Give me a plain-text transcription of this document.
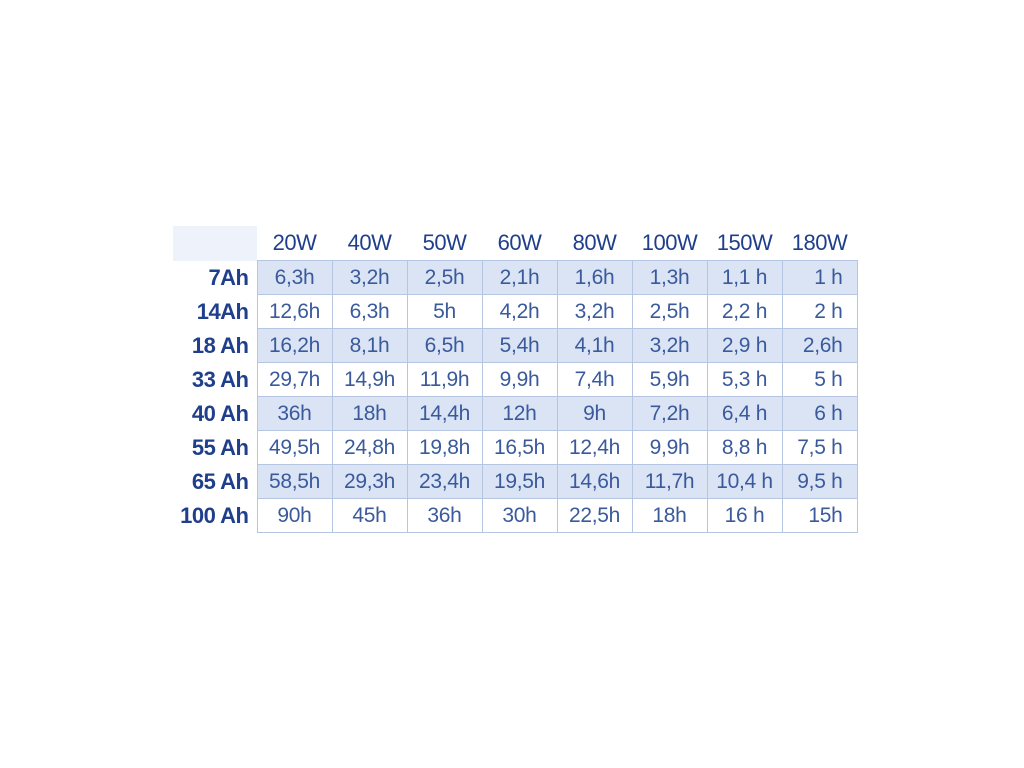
	20W	40W	50W	60W	80W	100W	150W	180W
7Ah	6,3h	3,2h	2,5h	2,1h	1,6h	1,3h	1,1 h	1 h
14Ah	12,6h	6,3h	5h	4,2h	3,2h	2,5h	2,2 h	2 h
18 Ah	16,2h	8,1h	6,5h	5,4h	4,1h	3,2h	2,9 h	2,6h
33 Ah	29,7h	14,9h	11,9h	9,9h	7,4h	5,9h	5,3 h	5 h
40 Ah	36h	18h	14,4h	12h	9h	7,2h	6,4 h	6 h
55 Ah	49,5h	24,8h	19,8h	16,5h	12,4h	9,9h	8,8 h	7,5 h
65 Ah	58,5h	29,3h	23,4h	19,5h	14,6h	11,7h	10,4 h	9,5 h
100 Ah	90h	45h	36h	30h	22,5h	18h	16 h	15h
